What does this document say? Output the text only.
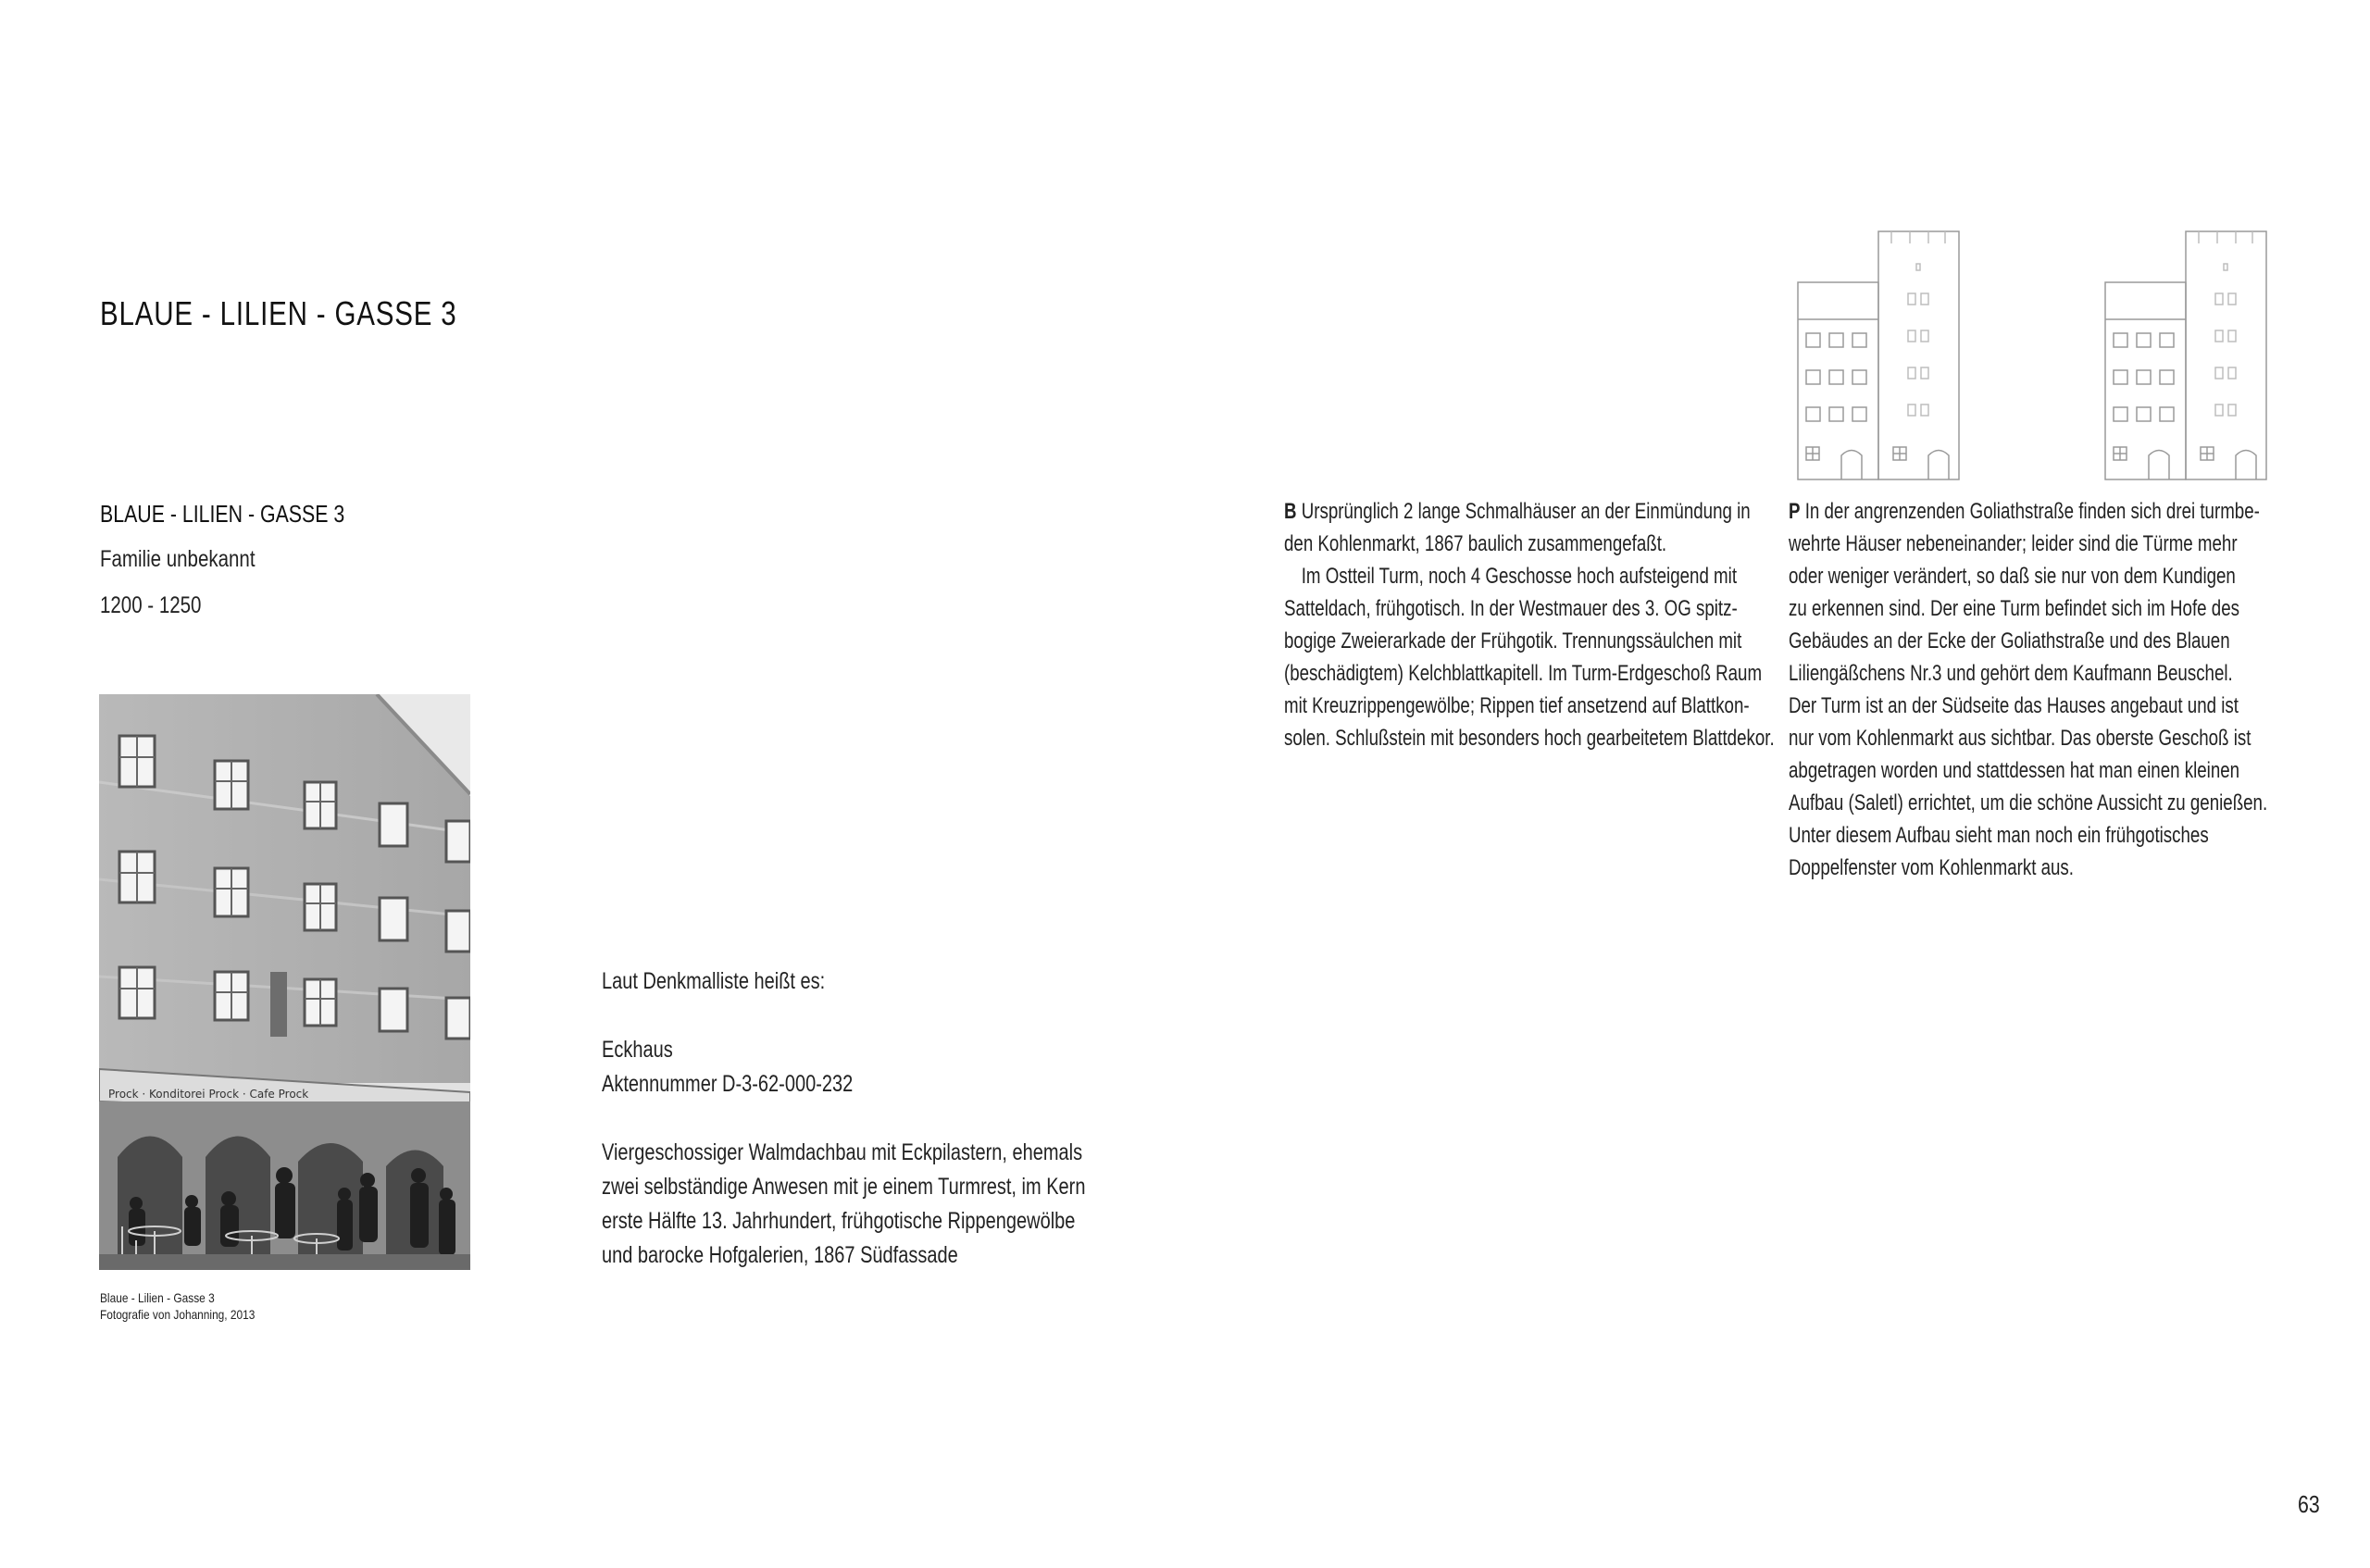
BLAUE - LILIEN - GASSE 3
BLAUE - LILIEN - GASSE 3
Familie unbekannt
1200 - 1250
Prock · Konditorei Prock · Cafe Prock
Blaue - Lilien - Gasse 3
Fotografie von Johanning, 2013

Laut Denkmalliste heißt es:

Eckhaus

Aktennummer D-3-62-000-232

Viergeschossiger Walmdachbau mit Eckpilastern, ehemals

zwei selbständige Anwesen mit je einem Turmrest, im Kern

erste Hälfte 13. Jahrhundert, frühgotische Rippengewölbe

und barocke Hofgalerien, 1867 Südfassade

B Ursprünglich 2 lange Schmalhäuser an der Einmündung in

den Kohlenmarkt, 1867 baulich zusammengefaßt.

 Im Ostteil Turm, noch 4 Geschosse hoch aufsteigend mit

Satteldach, frühgotisch. In der Westmauer des 3. OG spitz-

bogige Zweierarkade der Frühgotik. Trennungssäulchen mit

(beschädigtem) Kelchblattkapitell. Im Turm-Erdgeschoß Raum

mit Kreuzrippengewölbe; Rippen tief ansetzend auf Blattkon-

solen. Schlußstein mit besonders hoch gearbeitetem Blattdekor.

P In der angrenzenden Goliathstraße finden sich drei turmbe-

wehrte Häuser nebeneinander; leider sind die Türme mehr

oder weniger verändert, so daß sie nur von dem Kundigen

zu erkennen sind. Der eine Turm befindet sich im Hofe des

Gebäudes an der Ecke der Goliathstraße und des Blauen

Liliengäßchens Nr.3 und gehört dem Kaufmann Beuschel.

Der Turm ist an der Südseite das Hauses angebaut und ist

nur vom Kohlenmarkt aus sichtbar. Das oberste Geschoß ist

abgetragen worden und stattdessen hat man einen kleinen

Aufbau (Saletl) errichtet, um die schöne Aussicht zu genießen.

Unter diesem Aufbau sieht man noch ein frühgotisches

Doppelfenster vom Kohlenmarkt aus.

63
